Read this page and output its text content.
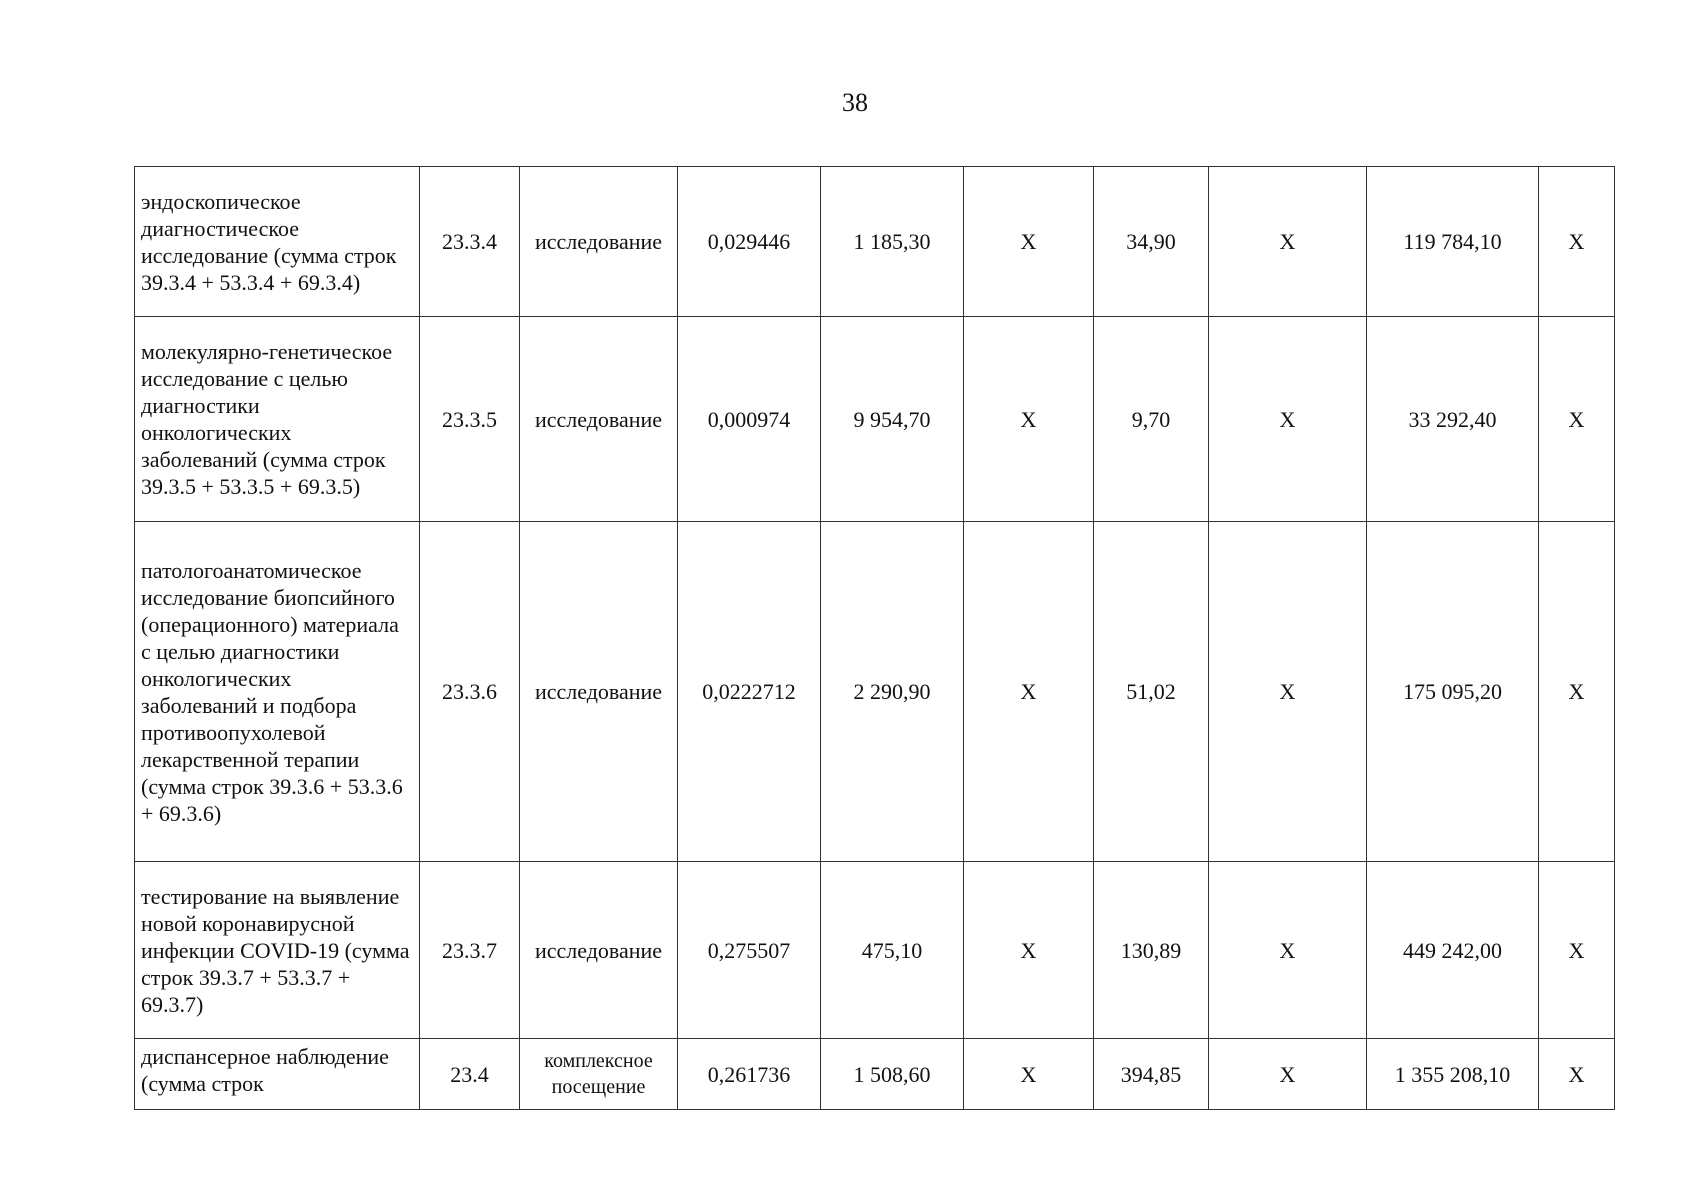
38
эндоскопическое диагностическое исследование (сумма строк 39.3.4 + 53.3.4 + 69.3.4)	23.3.4	исследование	0,029446	1 185,30	Х	34,90	Х	119 784,10	Х
молекулярно-генетическое исследование с целью диагностики онкологических заболеваний (сумма строк 39.3.5 + 53.3.5 + 69.3.5)	23.3.5	исследование	0,000974	9 954,70	Х	9,70	Х	33 292,40	Х
патологоанатомическое исследование биопсийного (операционного) материала с целью диагностики онкологических заболеваний и подбора противоопухолевой лекарственной терапии (сумма строк 39.3.6 + 53.3.6 + 69.3.6)	23.3.6	исследование	0,0222712	2 290,90	Х	51,02	Х	175 095,20	Х
тестирование на выявление новой коронавирусной инфекции COVID-19 (сумма строк 39.3.7 + 53.3.7 + 69.3.7)	23.3.7	исследование	0,275507	475,10	Х	130,89	Х	449 242,00	Х

диспансерное наблюдение (сумма строк	23.4	комплексное посещение	0,261736	1 508,60	Х	394,85	Х	1 355 208,10	Х
